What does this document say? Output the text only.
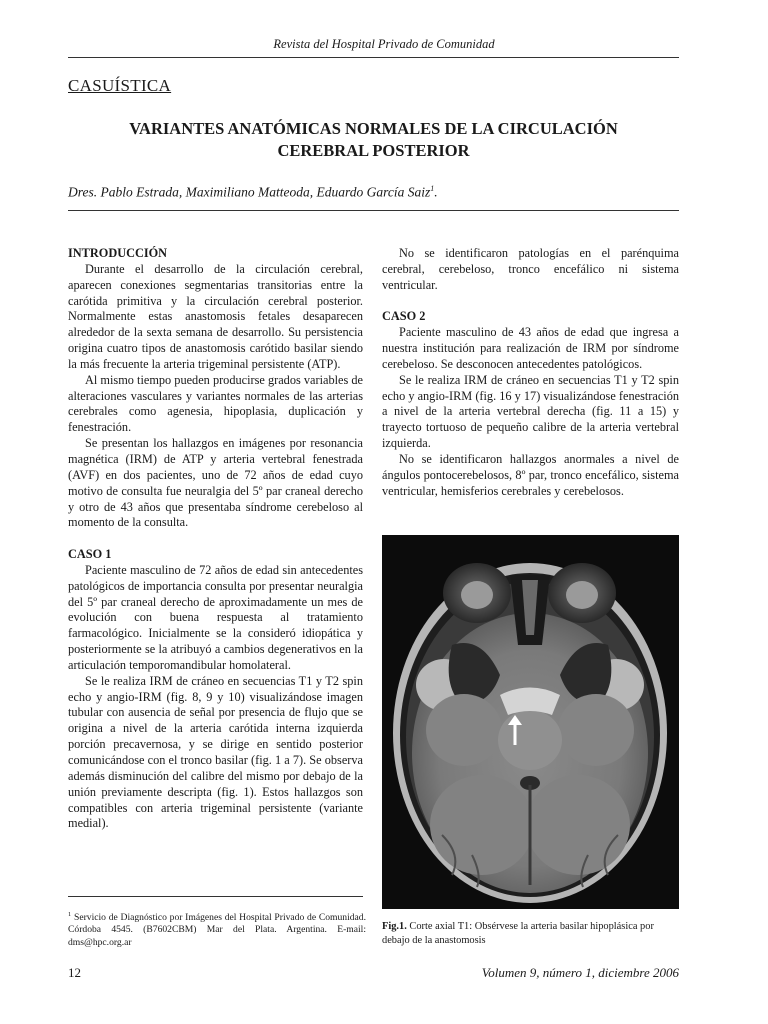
Revista del Hospital Privado de Comunidad
CASUÍSTICA
VARIANTES ANATÓMICAS NORMALES DE LA CIRCULACIÓN
CEREBRAL POSTERIOR
Dres. Pablo Estrada, Maximiliano Matteoda, Eduardo García Saiz$^1$.
INTRODUCCIÓN

Durante el desarrollo de la circulación cerebral, aparecen conexiones segmentarias transitorias entre la carótida primitiva y la circulación cerebral posterior. Normalmente estas anastomosis fetales desaparecen alrededor de la sexta semana de desarrollo. Su persistencia origina cuatro tipos de anastomosis carótido basilar siendo la más frecuente la arteria trigeminal persistente (ATP).

Al mismo tiempo pueden producirse grados variables de alteraciones vasculares y variantes normales de las arterias cerebrales como agenesia, hipoplasia, duplicación y fenestración.

Se presentan los hallazgos en imágenes por resonancia magnética (IRM) de ATP y arteria vertebral fenestrada (AVF) en dos pacientes, uno de 72 años de edad cuyo motivo de consulta fue neuralgia del 5º par craneal derecho y otro de 43 años que presentaba síndrome cerebeloso al momento de la consulta.

CASO 1

Paciente masculino de 72 años de edad sin antecedentes patológicos de importancia consulta por presentar neuralgia del 5º par craneal derecho de aproximadamente un mes de evolución con buena respuesta al tratamiento farmacológico. Inicialmente se la consideró idiopática y posteriormente se la atribuyó a cambios degenerativos en la articulación temporomandibular homolateral.

Se le realiza IRM de cráneo en secuencias T1 y T2 spin echo y angio-IRM (fig. 8, 9 y 10) visualizándose imagen tubular con ausencia de señal por presencia de flujo que se origina a nivel de la arteria carótida interna izquierda porción precavernosa, y se dirige en sentido posterior comunicándose con el tronco basilar (fig. 1 a 7). Se observa además disminución del calibre del mismo por debajo de la unión previamente descripta (fig. 1). Estos hallazgos son compatibles con arteria trigeminal persistente (variante medial).

No se identificaron patologías en el parénquima cerebral, cerebeloso, tronco encefálico ni sistema ventricular.

CASO 2

Paciente masculino de 43 años de edad que ingresa a nuestra institución para realización de IRM por síndrome cerebeloso. Se desconocen antecedentes patológicos.

Se le realiza IRM de cráneo en secuencias T1 y T2 spin echo y angio-IRM (fig. 16 y 17) visualizándose fenestración a nivel de la arteria vertebral derecha (fig. 11 a 15) y trayecto tortuoso de pequeño calibre de la arteria vertebral izquierda.

No se identificaron hallazgos anormales a nivel de ángulos pontocerebelosos, 8º par, tronco encefálico, sistema ventricular, hemisferios cerebrales y cerebelosos.

Fig.1. Corte axial T1: Obsérvese la arteria basilar hipoplásica por debajo de la anastomosis
$^1$ Servicio de Diagnóstico por Imágenes del Hospital Privado de Comunidad. Córdoba 4545. (B7602CBM) Mar del Plata. Argentina. E-mail: dms@hpc.org.ar
12	Volumen 9, número 1, diciembre 2006
